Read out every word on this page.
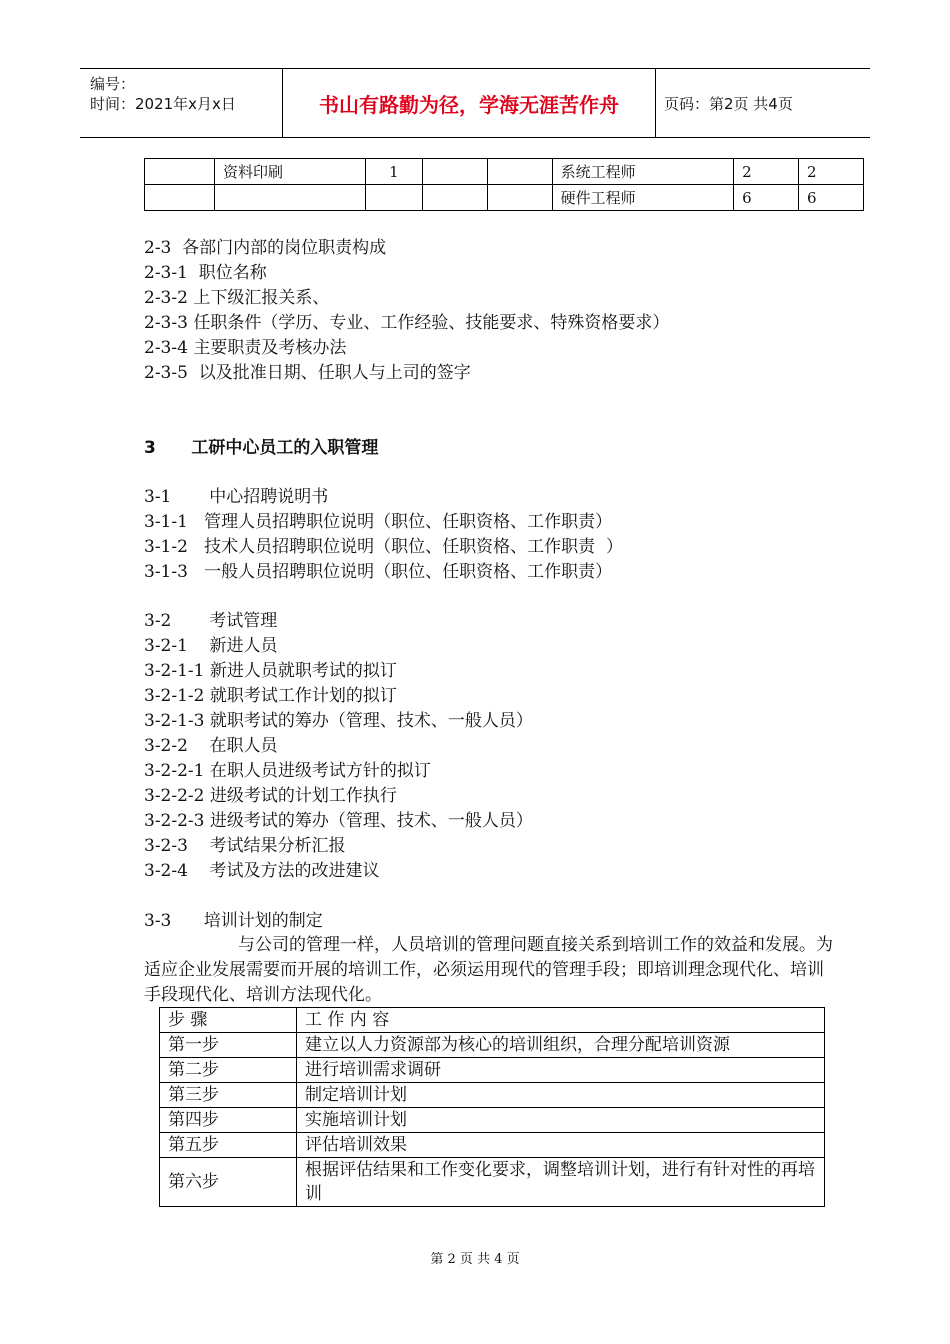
编号：
时间：2021年x月x日	书山有路勤为径，学海无涯苦作舟	页码：第2页 共4页
	资料印刷	1			系统工程师	2	2
					硬件工程师	6	6
2-3  各部门内部的岗位职责构成
2-3-1  职位名称
2-3-2 上下级汇报关系、
2-3-3 任职条件（学历、专业、工作经验、技能要求、特殊资格要求）
2-3-4 主要职责及考核办法
2-3-5  以及批准日期、任职人与上司的签字
3      工研中心员工的入职管理
3-1       中心招聘说明书
3-1-1   管理人员招聘职位说明（职位、任职资格、工作职责）
3-1-2   技术人员招聘职位说明（职位、任职资格、工作职责  ）
3-1-3   一般人员招聘职位说明（职位、任职资格、工作职责）
3-2       考试管理
3-2-1    新进人员
3-2-1-1 新进人员就职考试的拟订
3-2-1-2 就职考试工作计划的拟订
3-2-1-3 就职考试的筹办（管理、技术、一般人员）
3-2-2    在职人员
3-2-2-1 在职人员进级考试方针的拟订
3-2-2-2 进级考试的计划工作执行
3-2-2-3 进级考试的筹办（管理、技术、一般人员）
3-2-3    考试结果分析汇报
3-2-4    考试及方法的改进建议
3-3      培训计划的制定
与公司的管理一样，人员培训的管理问题直接关系到培训工作的效益和发展。为适应企业发展需要而开展的培训工作，必须运用现代的管理手段；即培训理念现代化、培训手段现代化、培训方法现代化。
步 骤	工 作 内 容
第一步	建立以人力资源部为核心的培训组织，合理分配培训资源
第二步	进行培训需求调研
第三步	制定培训计划
第四步	实施培训计划
第五步	评估培训效果
第六步	根据评估结果和工作变化要求，调整培训计划，进行有针对性的再培训
第 2 页 共 4 页
